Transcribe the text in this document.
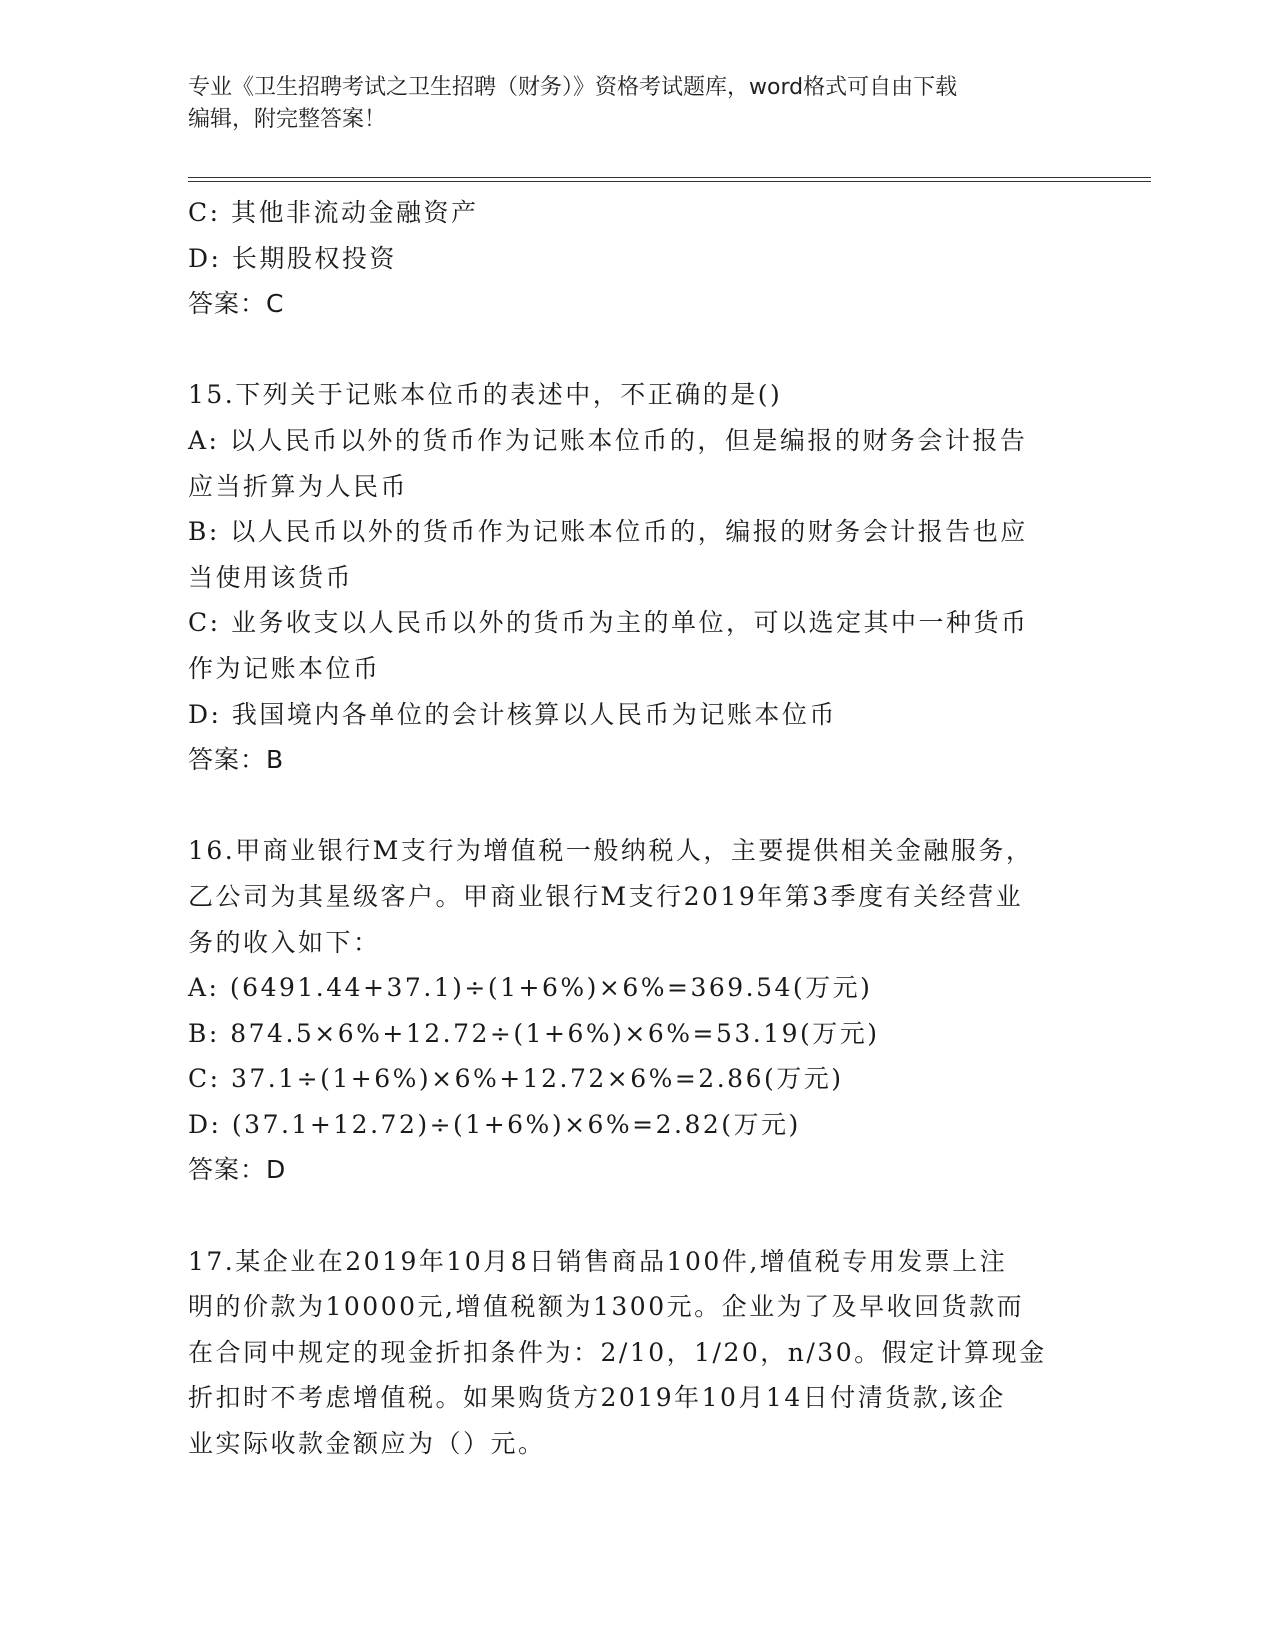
专业《卫生招聘考试之卫生招聘（财务）》资格考试题库，word格式可自由下载
编辑，附完整答案！
C: 其他非流动金融资产
D: 长期股权投资
答案：C
15.下列关于记账本位币的表述中，不正确的是()
A: 以人民币以外的货币作为记账本位币的，但是编报的财务会计报告
应当折算为人民币
B: 以人民币以外的货币作为记账本位币的，编报的财务会计报告也应
当使用该货币
C: 业务收支以人民币以外的货币为主的单位，可以选定其中一种货币
作为记账本位币
D: 我国境内各单位的会计核算以人民币为记账本位币
答案：B
16.甲商业银行M支行为增值税一般纳税人，主要提供相关金融服务，
乙公司为其星级客户。甲商业银行M支行2019年第3季度有关经营业
务的收入如下：
A: (6491.44+37.1)÷(1+6%)×6%=369.54(万元)
B: 874.5×6%+12.72÷(1+6%)×6%=53.19(万元)
C: 37.1÷(1+6%)×6%+12.72×6%=2.86(万元)
D: (37.1+12.72)÷(1+6%)×6%=2.82(万元)
答案：D
17.某企业在2019年10月8日销售商品100件,增值税专用发票上注
明的价款为10000元,增值税额为1300元。企业为了及早收回货款而
在合同中规定的现金折扣条件为：2/10，1/20，n/30。假定计算现金
折扣时不考虑增值税。如果购货方2019年10月14日付清货款,该企
业实际收款金额应为（）元。
